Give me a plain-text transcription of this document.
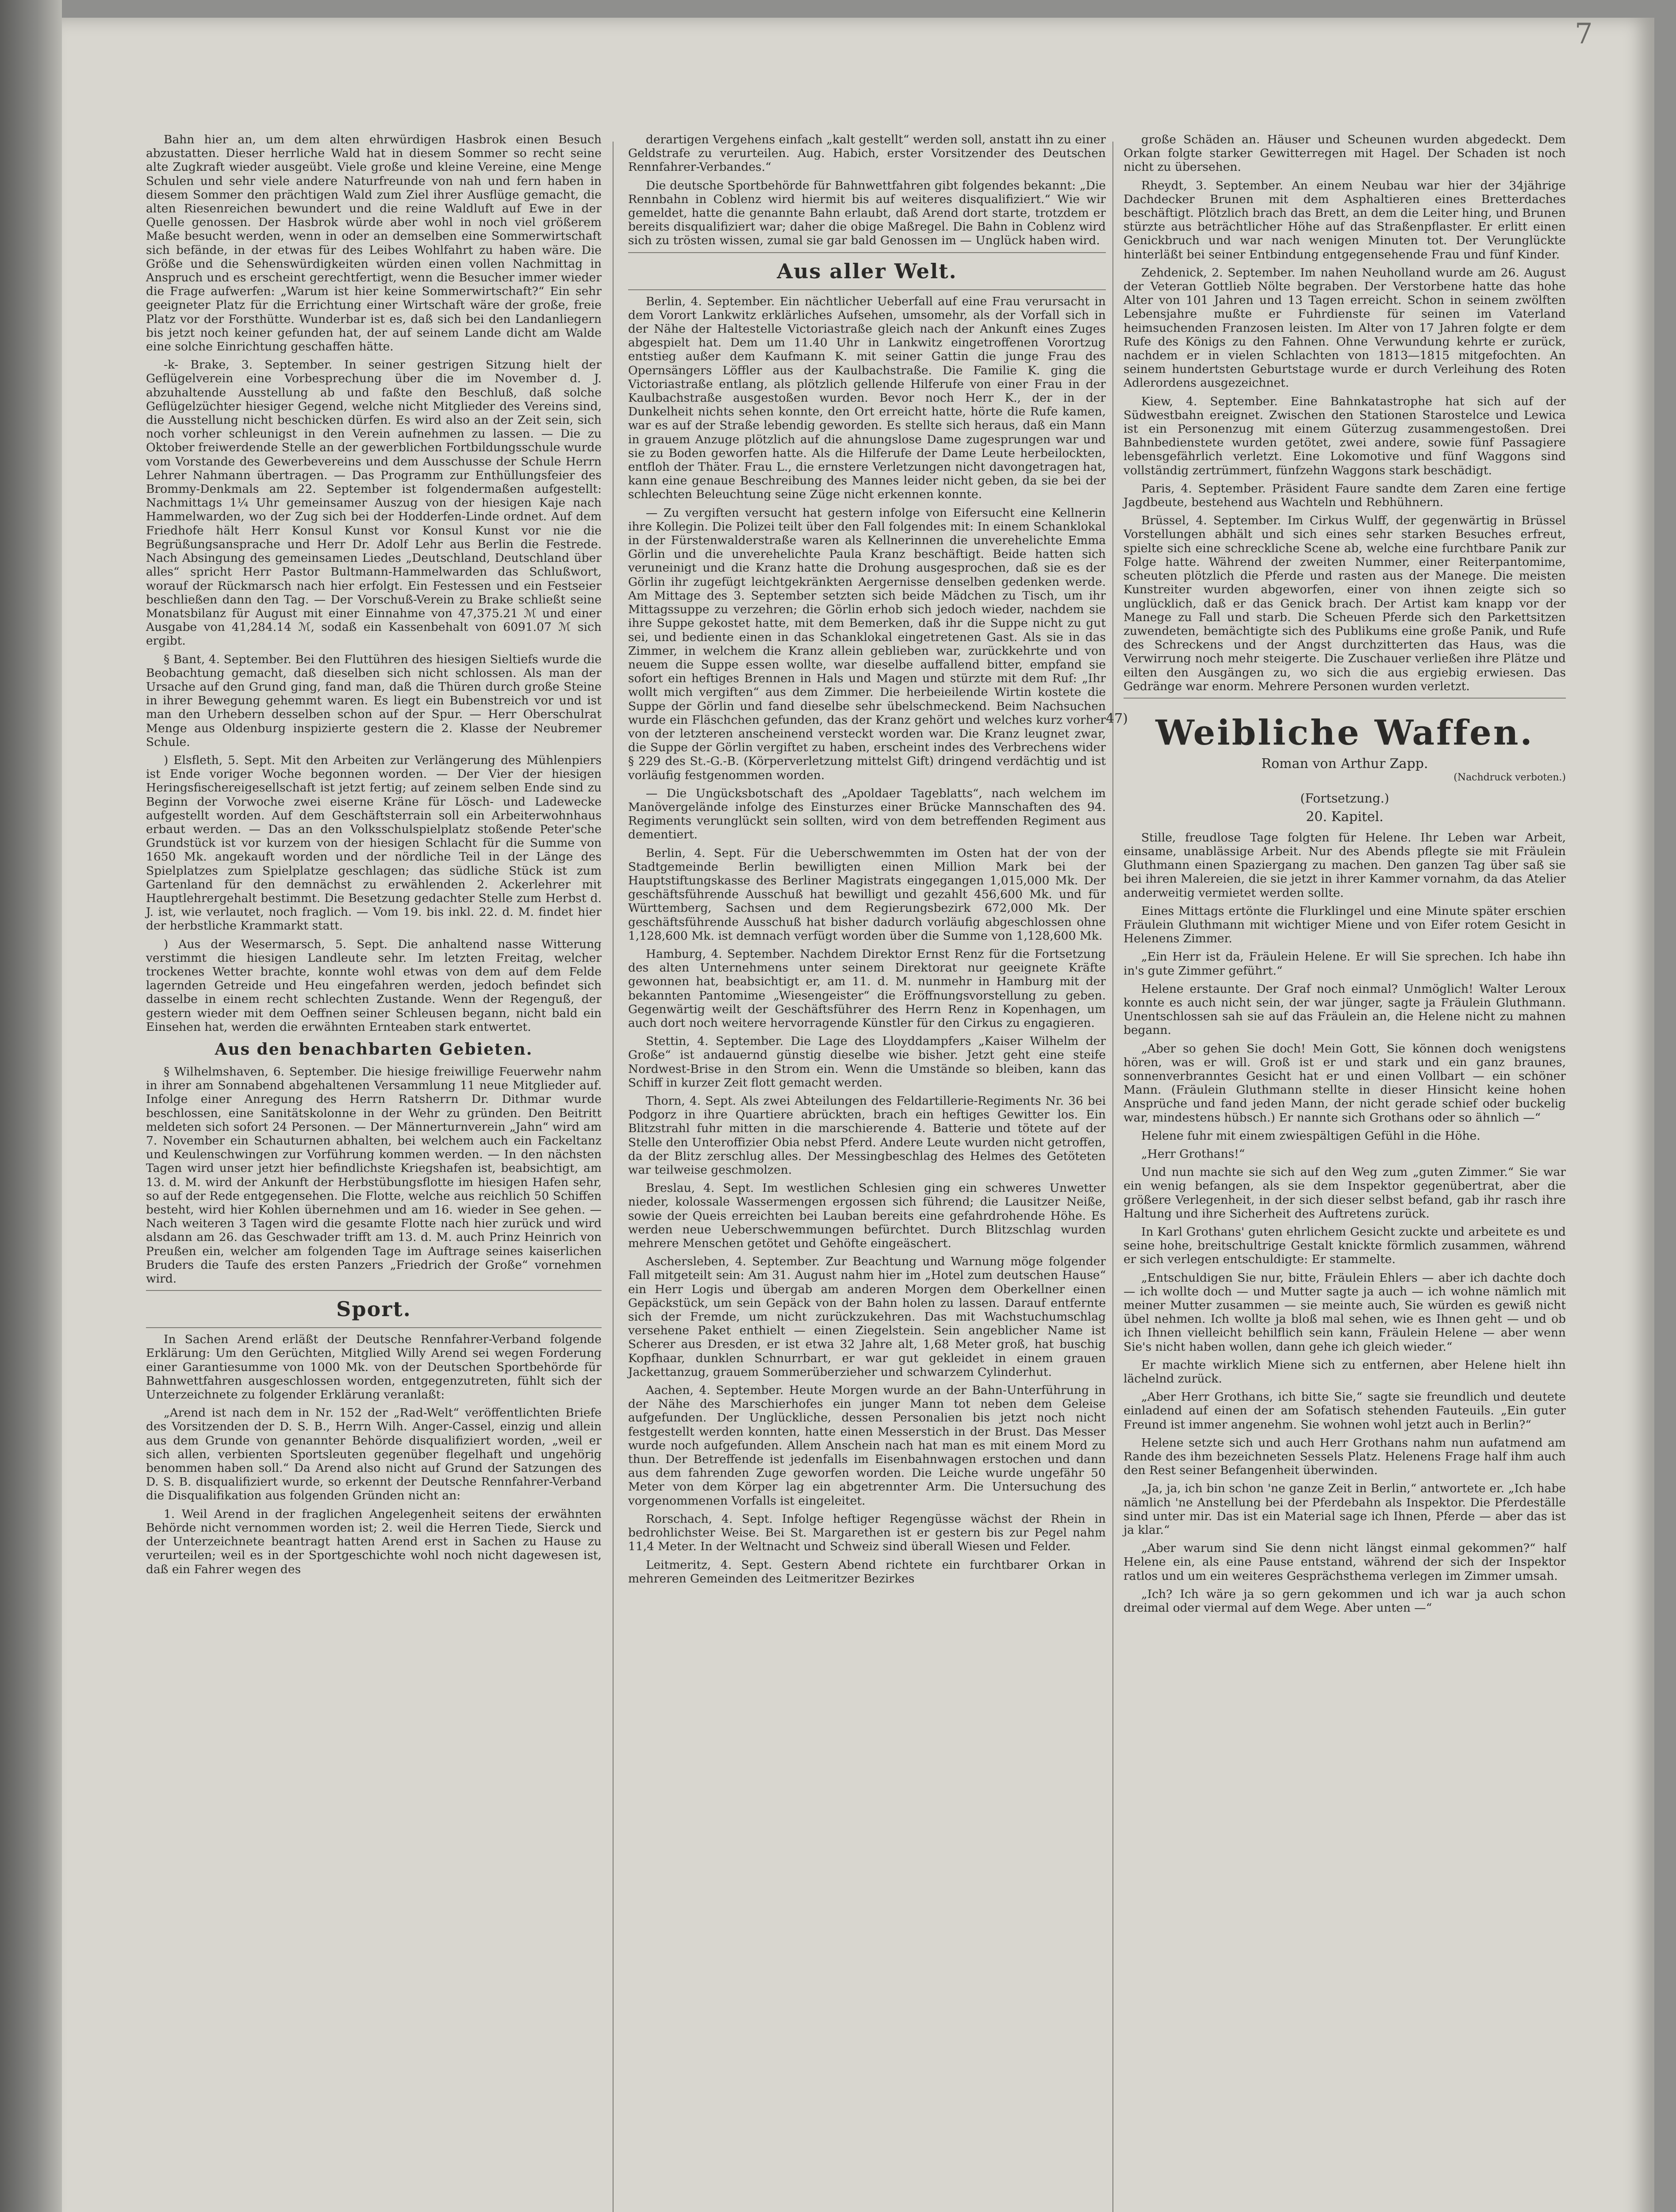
7

Bahn hier an, um dem alten ehrwürdigen Hasbrok einen Besuch abzustatten. Dieser herrliche Wald hat in diesem Sommer so recht seine alte Zugkraft wieder ausgeübt. Viele große und kleine Vereine, eine Menge Schulen und sehr viele andere Naturfreunde von nah und fern haben in diesem Sommer den prächtigen Wald zum Ziel ihrer Ausflüge gemacht, die alten Riesenreichen bewundert und die reine Waldluft auf Ewe in der Quelle genossen. Der Hasbrok würde aber wohl in noch viel größerem Maße besucht werden, wenn in oder an demselben eine Sommerwirtschaft sich befände, in der etwas für des Leibes Wohlfahrt zu haben wäre. Die Größe und die Sehenswürdigkeiten würden einen vollen Nachmittag in Anspruch und es erscheint gerechtfertigt, wenn die Besucher immer wieder die Frage aufwerfen: „Warum ist hier keine Sommerwirtschaft?“ Ein sehr geeigneter Platz für die Errichtung einer Wirtschaft wäre der große, freie Platz vor der Forsthütte. Wunderbar ist es, daß sich bei den Landanliegern bis jetzt noch keiner gefunden hat, der auf seinem Lande dicht am Walde eine solche Einrichtung geschaffen hätte.

-k- Brake, 3. September. In seiner gestrigen Sitzung hielt der Geflügelverein eine Vorbesprechung über die im November d. J. abzuhaltende Ausstellung ab und faßte den Beschluß, daß solche Geflügelzüchter hiesiger Gegend, welche nicht Mitglieder des Vereins sind, die Ausstellung nicht beschicken dürfen. Es wird also an der Zeit sein, sich noch vorher schleunigst in den Verein aufnehmen zu lassen. — Die zu Oktober freiwerdende Stelle an der gewerblichen Fortbildungsschule wurde vom Vorstande des Gewerbevereins und dem Ausschusse der Schule Herrn Lehrer Nahmann übertragen. — Das Programm zur Enthüllungsfeier des Brommy-Denkmals am 22. September ist folgendermaßen aufgestellt: Nachmittags 1¼ Uhr gemeinsamer Auszug von der hiesigen Kaje nach Hammelwarden, wo der Zug sich bei der Hodderfen-Linde ordnet. Auf dem Friedhofe hält Herr Konsul Kunst vor Konsul Kunst vor nie die Begrüßungsansprache und Herr Dr. Adolf Lehr aus Berlin die Festrede. Nach Absingung des gemeinsamen Liedes „Deutschland, Deutschland über alles“ spricht Herr Pastor Bultmann-Hammelwarden das Schlußwort, worauf der Rückmarsch nach hier erfolgt. Ein Festessen und ein Festseier beschließen dann den Tag. — Der Vorschuß-Verein zu Brake schließt seine Monatsbilanz für August mit einer Einnahme von 47,375.21 ℳ und einer Ausgabe von 41,284.14 ℳ, sodaß ein Kassenbehalt von 6091.07 ℳ sich ergibt.

§ Bant, 4. September. Bei den Fluttühren des hiesigen Sieltiefs wurde die Beobachtung gemacht, daß dieselben sich nicht schlossen. Als man der Ursache auf den Grund ging, fand man, daß die Thüren durch große Steine in ihrer Bewegung gehemmt waren. Es liegt ein Bubenstreich vor und ist man den Urhebern desselben schon auf der Spur. — Herr Oberschulrat Menge aus Oldenburg inspizierte gestern die 2. Klasse der Neubremer Schule.

) Elsfleth, 5. Sept. Mit den Arbeiten zur Verlängerung des Mühlenpiers ist Ende voriger Woche begonnen worden. — Der Vier der hiesigen Heringsfischereigesellschaft ist jetzt fertig; auf zeinem selben Ende sind zu Beginn der Vorwoche zwei eiserne Kräne für Lösch- und Ladewecke aufgestellt worden. Auf dem Geschäftsterrain soll ein Arbeiterwohnhaus erbaut werden. — Das an den Volksschulspielplatz stoßende Peter'sche Grundstück ist vor kurzem von der hiesigen Schlacht für die Summe von 1650 Mk. angekauft worden und der nördliche Teil in der Länge des Spielplatzes zum Spielplatze geschlagen; das südliche Stück ist zum Gartenland für den demnächst zu erwählenden 2. Ackerlehrer mit Hauptlehrergehalt bestimmt. Die Besetzung gedachter Stelle zum Herbst d. J. ist, wie verlautet, noch fraglich. — Vom 19. bis inkl. 22. d. M. findet hier der herbstliche Krammarkt statt.

) Aus der Wesermarsch, 5. Sept. Die anhaltend nasse Witterung verstimmt die hiesigen Landleute sehr. Im letzten Freitag, welcher trockenes Wetter brachte, konnte wohl etwas von dem auf dem Felde lagernden Getreide und Heu eingefahren werden, jedoch befindet sich dasselbe in einem recht schlechten Zustande. Wenn der Regenguß, der gestern wieder mit dem Oeffnen seiner Schleusen begann, nicht bald ein Einsehen hat, werden die erwähnten Ernteaben stark entwertet.

Aus den benachbarten Gebieten.

§ Wilhelmshaven, 6. September. Die hiesige freiwillige Feuerwehr nahm in ihrer am Sonnabend abgehaltenen Versammlung 11 neue Mitglieder auf. Infolge einer Anregung des Herrn Ratsherrn Dr. Dithmar wurde beschlossen, eine Sanitätskolonne in der Wehr zu gründen. Den Beitritt meldeten sich sofort 24 Personen. — Der Männerturnverein „Jahn“ wird am 7. November ein Schauturnen abhalten, bei welchem auch ein Fackeltanz und Keulenschwingen zur Vorführung kommen werden. — In den nächsten Tagen wird unser jetzt hier befindlichste Kriegshafen ist, beabsichtigt, am 13. d. M. wird der Ankunft der Herbstübungsflotte im hiesigen Hafen sehr, so auf der Rede entgegensehen. Die Flotte, welche aus reichlich 50 Schiffen besteht, wird hier Kohlen übernehmen und am 16. wieder in See gehen. — Nach weiteren 3 Tagen wird die gesamte Flotte nach hier zurück und wird alsdann am 26. das Geschwader trifft am 13. d. M. auch Prinz Heinrich von Preußen ein, welcher am folgenden Tage im Auftrage seines kaiserlichen Bruders die Taufe des ersten Panzers „Friedrich der Große“ vornehmen wird.

Sport.

In Sachen Arend erläßt der Deutsche Rennfahrer-Verband folgende Erklärung: Um den Gerüchten, Mitglied Willy Arend sei wegen Forderung einer Garantiesumme von 1000 Mk. von der Deutschen Sportbehörde für Bahnwettfahren ausgeschlossen worden, entgegenzutreten, fühlt sich der Unterzeichnete zu folgender Erklärung veranlaßt:

„Arend ist nach dem in Nr. 152 der „Rad-Welt“ veröffentlichten Briefe des Vorsitzenden der D. S. B., Herrn Wilh. Anger-Cassel, einzig und allein aus dem Grunde von genannter Behörde disqualifiziert worden, „weil er sich allen, verbienten Sportsleuten gegenüber flegelhaft und ungehörig benommen haben soll.“ Da Arend also nicht auf Grund der Satzungen des D. S. B. disqualifiziert wurde, so erkennt der Deutsche Rennfahrer-Verband die Disqualifikation aus folgenden Gründen nicht an:

1. Weil Arend in der fraglichen Angelegenheit seitens der erwähnten Behörde nicht vernommen worden ist; 2. weil die Herren Tiede, Sierck und der Unterzeichnete beantragt hatten Arend erst in Sachen zu Hause zu verurteilen; weil es in der Sportgeschichte wohl noch nicht dagewesen ist, daß ein Fahrer wegen des

derartigen Vergehens einfach „kalt gestellt“ werden soll, anstatt ihn zu einer Geldstrafe zu verurteilen. Aug. Habich, erster Vorsitzender des Deutschen Rennfahrer-Verbandes.“

Die deutsche Sportbehörde für Bahnwettfahren gibt folgendes bekannt: „Die Rennbahn in Coblenz wird hiermit bis auf weiteres disqualifiziert.“ Wie wir gemeldet, hatte die genannte Bahn erlaubt, daß Arend dort starte, trotzdem er bereits disqualifiziert war; daher die obige Maßregel. Die Bahn in Coblenz wird sich zu trösten wissen, zumal sie gar bald Genossen im — Unglück haben wird.

Aus aller Welt.

Berlin, 4. September. Ein nächtlicher Ueberfall auf eine Frau verursacht in dem Vorort Lankwitz erklärliches Aufsehen, umsomehr, als der Vorfall sich in der Nähe der Haltestelle Victoriastraße gleich nach der Ankunft eines Zuges abgespielt hat. Dem um 11.40 Uhr in Lankwitz eingetroffenen Vorortzug entstieg außer dem Kaufmann K. mit seiner Gattin die junge Frau des Opernsängers Löffler aus der Kaulbachstraße. Die Familie K. ging die Victoriastraße entlang, als plötzlich gellende Hilferufe von einer Frau in der Kaulbachstraße ausgestoßen wurden. Bevor noch Herr K., der in der Dunkelheit nichts sehen konnte, den Ort erreicht hatte, hörte die Rufe kamen, war es auf der Straße lebendig geworden. Es stellte sich heraus, daß ein Mann in grauem Anzuge plötzlich auf die ahnungslose Dame zugesprungen war und sie zu Boden geworfen hatte. Als die Hilferufe der Dame Leute herbeilockten, entfloh der Thäter. Frau L., die ernstere Verletzungen nicht davongetragen hat, kann eine genaue Beschreibung des Mannes leider nicht geben, da sie bei der schlechten Beleuchtung seine Züge nicht erkennen konnte.

— Zu vergiften versucht hat gestern infolge von Eifersucht eine Kellnerin ihre Kollegin. Die Polizei teilt über den Fall folgendes mit: In einem Schanklokal in der Fürstenwalderstraße waren als Kellnerinnen die unverehelichte Emma Görlin und die unverehelichte Paula Kranz beschäftigt. Beide hatten sich veruneinigt und die Kranz hatte die Drohung ausgesprochen, daß sie es der Görlin ihr zugefügt leichtgekränkten Aergernisse denselben gedenken werde. Am Mittage des 3. September setzten sich beide Mädchen zu Tisch, um ihr Mittagssuppe zu verzehren; die Görlin erhob sich jedoch wieder, nachdem sie ihre Suppe gekostet hatte, mit dem Bemerken, daß ihr die Suppe nicht zu gut sei, und bediente einen in das Schanklokal eingetretenen Gast. Als sie in das Zimmer, in welchem die Kranz allein geblieben war, zurückkehrte und von neuem die Suppe essen wollte, war dieselbe auffallend bitter, empfand sie sofort ein heftiges Brennen in Hals und Magen und stürzte mit dem Ruf: „Ihr wollt mich vergiften“ aus dem Zimmer. Die herbeieilende Wirtin kostete die Suppe der Görlin und fand dieselbe sehr übelschmeckend. Beim Nachsuchen wurde ein Fläschchen gefunden, das der Kranz gehört und welches kurz vorher von der letzteren anscheinend versteckt worden war. Die Kranz leugnet zwar, die Suppe der Görlin vergiftet zu haben, erscheint indes des Verbrechens wider § 229 des St.-G.-B. (Körperverletzung mittelst Gift) dringend verdächtig und ist vorläufig festgenommen worden.

— Die Ungücksbotschaft des „Apoldaer Tageblatts“, nach welchem im Manövergelände infolge des Einsturzes einer Brücke Mannschaften des 94. Regiments verunglückt sein sollten, wird von dem betreffenden Regiment aus dementiert.

Berlin, 4. Sept. Für die Ueberschwemmten im Osten hat der von der Stadtgemeinde Berlin bewilligten einen Million Mark bei der Hauptstiftungskasse des Berliner Magistrats eingegangen 1,015,000 Mk. Der geschäftsführende Ausschuß hat bewilligt und gezahlt 456,600 Mk. und für Württemberg, Sachsen und dem Regierungsbezirk 672,000 Mk. Der geschäftsführende Ausschuß hat bisher dadurch vorläufig abgeschlossen ohne 1,128,600 Mk. ist demnach verfügt worden über die Summe von 1,128,600 Mk.

Hamburg, 4. September. Nachdem Direktor Ernst Renz für die Fortsetzung des alten Unternehmens unter seinem Direktorat nur geeignete Kräfte gewonnen hat, beabsichtigt er, am 11. d. M. nunmehr in Hamburg mit der bekannten Pantomime „Wiesengeister“ die Eröffnungsvorstellung zu geben. Gegenwärtig weilt der Geschäftsführer des Herrn Renz in Kopenhagen, um auch dort noch weitere hervorragende Künstler für den Cirkus zu engagieren.

Stettin, 4. September. Die Lage des Lloyddampfers „Kaiser Wilhelm der Große“ ist andauernd günstig dieselbe wie bisher. Jetzt geht eine steife Nordwest-Brise in den Strom ein. Wenn die Umstände so bleiben, kann das Schiff in kurzer Zeit flott gemacht werden.

Thorn, 4. Sept. Als zwei Abteilungen des Feldartillerie-Regiments Nr. 36 bei Podgorz in ihre Quartiere abrückten, brach ein heftiges Gewitter los. Ein Blitzstrahl fuhr mitten in die marschierende 4. Batterie und tötete auf der Stelle den Unteroffizier Obia nebst Pferd. Andere Leute wurden nicht getroffen, da der Blitz zerschlug alles. Der Messingbeschlag des Helmes des Getöteten war teilweise geschmolzen.

Breslau, 4. Sept. Im westlichen Schlesien ging ein schweres Unwetter nieder, kolossale Wassermengen ergossen sich führend; die Lausitzer Neiße, sowie der Queis erreichten bei Lauban bereits eine gefahrdrohende Höhe. Es werden neue Ueberschwemmungen befürchtet. Durch Blitzschlag wurden mehrere Menschen getötet und Gehöfte eingeäschert.

Aschersleben, 4. September. Zur Beachtung und Warnung möge folgender Fall mitgeteilt sein: Am 31. August nahm hier im „Hotel zum deutschen Hause“ ein Herr Logis und übergab am anderen Morgen dem Oberkellner einen Gepäckstück, um sein Gepäck von der Bahn holen zu lassen. Darauf entfernte sich der Fremde, um nicht zurückzukehren. Das mit Wachstuchumschlag versehene Paket enthielt — einen Ziegelstein. Sein angeblicher Name ist Scherer aus Dresden, er ist etwa 32 Jahre alt, 1,68 Meter groß, hat buschig Kopfhaar, dunklen Schnurrbart, er war gut gekleidet in einem grauen Jackettanzug, grauem Sommerüberzieher und schwarzem Cylinderhut.

Aachen, 4. September. Heute Morgen wurde an der Bahn-Unterführung in der Nähe des Marschierhofes ein junger Mann tot neben dem Geleise aufgefunden. Der Unglückliche, dessen Personalien bis jetzt noch nicht festgestellt werden konnten, hatte einen Messerstich in der Brust. Das Messer wurde noch aufgefunden. Allem Anschein nach hat man es mit einem Mord zu thun. Der Betreffende ist jedenfalls im Eisenbahnwagen erstochen und dann aus dem fahrenden Zuge geworfen worden. Die Leiche wurde ungefähr 50 Meter von dem Körper lag ein abgetrennter Arm. Die Untersuchung des vorgenommenen Vorfalls ist eingeleitet.

Rorschach, 4. Sept. Infolge heftiger Regengüsse wächst der Rhein in bedrohlichster Weise. Bei St. Margarethen ist er gestern bis zur Pegel nahm 11,4 Meter. In der Weltnacht und Schweiz sind überall Wiesen und Felder.

Leitmeritz, 4. Sept. Gestern Abend richtete ein furchtbarer Orkan in mehreren Gemeinden des Leitmeritzer Bezirkes

große Schäden an. Häuser und Scheunen wurden abgedeckt. Dem Orkan folgte starker Gewitterregen mit Hagel. Der Schaden ist noch nicht zu übersehen.

Rheydt, 3. September. An einem Neubau war hier der 34jährige Dachdecker Brunen mit dem Asphaltieren eines Bretterdaches beschäftigt. Plötzlich brach das Brett, an dem die Leiter hing, und Brunen stürzte aus beträchtlicher Höhe auf das Straßenpflaster. Er erlitt einen Genickbruch und war nach wenigen Minuten tot. Der Verunglückte hinterläßt bei seiner Entbindung entgegensehende Frau und fünf Kinder.

Zehdenick, 2. September. Im nahen Neuholland wurde am 26. August der Veteran Gottlieb Nölte begraben. Der Verstorbene hatte das hohe Alter von 101 Jahren und 13 Tagen erreicht. Schon in seinem zwölften Lebensjahre mußte er Fuhrdienste für seinen im Vaterland heimsuchenden Franzosen leisten. Im Alter von 17 Jahren folgte er dem Rufe des Königs zu den Fahnen. Ohne Verwundung kehrte er zurück, nachdem er in vielen Schlachten von 1813—1815 mitgefochten. An seinem hundertsten Geburtstage wurde er durch Verleihung des Roten Adlerordens ausgezeichnet.

Kiew, 4. September. Eine Bahnkatastrophe hat sich auf der Südwestbahn ereignet. Zwischen den Stationen Starostelce und Lewica ist ein Personenzug mit einem Güterzug zusammengestoßen. Drei Bahnbedienstete wurden getötet, zwei andere, sowie fünf Passagiere lebensgefährlich verletzt. Eine Lokomotive und fünf Waggons sind vollständig zertrümmert, fünfzehn Waggons stark beschädigt.

Paris, 4. September. Präsident Faure sandte dem Zaren eine fertige Jagdbeute, bestehend aus Wachteln und Rebhühnern.

Brüssel, 4. September. Im Cirkus Wulff, der gegenwärtig in Brüssel Vorstellungen abhält und sich eines sehr starken Besuches erfreut, spielte sich eine schreckliche Scene ab, welche eine furchtbare Panik zur Folge hatte. Während der zweiten Nummer, einer Reiterpantomime, scheuten plötzlich die Pferde und rasten aus der Manege. Die meisten Kunstreiter wurden abgeworfen, einer von ihnen zeigte sich so unglücklich, daß er das Genick brach. Der Artist kam knapp vor der Manege zu Fall und starb. Die Scheuen Pferde sich den Parkettsitzen zuwendeten, bemächtigte sich des Publikums eine große Panik, und Rufe des Schreckens und der Angst durchzitterten das Haus, was die Verwirrung noch mehr steigerte. Die Zuschauer verließen ihre Plätze und eilten den Ausgängen zu, wo sich die aus ergiebig erwiesen. Das Gedränge war enorm. Mehrere Personen wurden verletzt.

Weibliche Waffen.
Roman von Arthur Zapp.
(Nachdruck verboten.)
(Fortsetzung.)
20. Kapitel.
47)

Stille, freudlose Tage folgten für Helene. Ihr Leben war Arbeit, einsame, unablässige Arbeit. Nur des Abends pflegte sie mit Fräulein Gluthmann einen Spaziergang zu machen. Den ganzen Tag über saß sie bei ihren Malereien, die sie jetzt in ihrer Kammer vornahm, da das Atelier anderweitig vermietet werden sollte.

Eines Mittags ertönte die Flurklingel und eine Minute später erschien Fräulein Gluthmann mit wichtiger Miene und von Eifer rotem Gesicht in Helenens Zimmer.

„Ein Herr ist da, Fräulein Helene. Er will Sie sprechen. Ich habe ihn in's gute Zimmer geführt.“

Helene erstaunte. Der Graf noch einmal? Unmöglich! Walter Leroux konnte es auch nicht sein, der war jünger, sagte ja Fräulein Gluthmann. Unentschlossen sah sie auf das Fräulein an, die Helene nicht zu mahnen begann.

„Aber so gehen Sie doch! Mein Gott, Sie können doch wenigstens hören, was er will. Groß ist er und stark und ein ganz braunes, sonnenverbranntes Gesicht hat er und einen Vollbart — ein schöner Mann. (Fräulein Gluthmann stellte in dieser Hinsicht keine hohen Ansprüche und fand jeden Mann, der nicht gerade schief oder buckelig war, mindestens hübsch.) Er nannte sich Grothans oder so ähnlich —“

Helene fuhr mit einem zwiespältigen Gefühl in die Höhe.

„Herr Grothans!“

Und nun machte sie sich auf den Weg zum „guten Zimmer.“ Sie war ein wenig befangen, als sie dem Inspektor gegenübertrat, aber die größere Verlegenheit, in der sich dieser selbst befand, gab ihr rasch ihre Haltung und ihre Sicherheit des Auftretens zurück.

In Karl Grothans' guten ehrlichem Gesicht zuckte und arbeitete es und seine hohe, breitschultrige Gestalt knickte förmlich zusammen, während er sich verlegen entschuldigte: Er stammelte.

„Entschuldigen Sie nur, bitte, Fräulein Ehlers — aber ich dachte doch — ich wollte doch — und Mutter sagte ja auch — ich wohne nämlich mit meiner Mutter zusammen — sie meinte auch, Sie würden es gewiß nicht übel nehmen. Ich wollte ja bloß mal sehen, wie es Ihnen geht — und ob ich Ihnen vielleicht behilflich sein kann, Fräulein Helene — aber wenn Sie's nicht haben wollen, dann gehe ich gleich wieder.“

Er machte wirklich Miene sich zu entfernen, aber Helene hielt ihn lächelnd zurück.

„Aber Herr Grothans, ich bitte Sie,“ sagte sie freundlich und deutete einladend auf einen der am Sofatisch stehenden Fauteuils. „Ein guter Freund ist immer angenehm. Sie wohnen wohl jetzt auch in Berlin?“

Helene setzte sich und auch Herr Grothans nahm nun aufatmend am Rande des ihm bezeichneten Sessels Platz. Helenens Frage half ihm auch den Rest seiner Befangenheit überwinden.

„Ja, ja, ich bin schon 'ne ganze Zeit in Berlin,“ antwortete er. „Ich habe nämlich 'ne Anstellung bei der Pferdebahn als Inspektor. Die Pferdeställe sind unter mir. Das ist ein Material sage ich Ihnen, Pferde — aber das ist ja klar.“

„Aber warum sind Sie denn nicht längst einmal gekommen?“ half Helene ein, als eine Pause entstand, während der sich der Inspektor ratlos und um ein weiteres Gesprächsthema verlegen im Zimmer umsah.

„Ich? Ich wäre ja so gern gekommen und ich war ja auch schon dreimal oder viermal auf dem Wege. Aber unten —“
